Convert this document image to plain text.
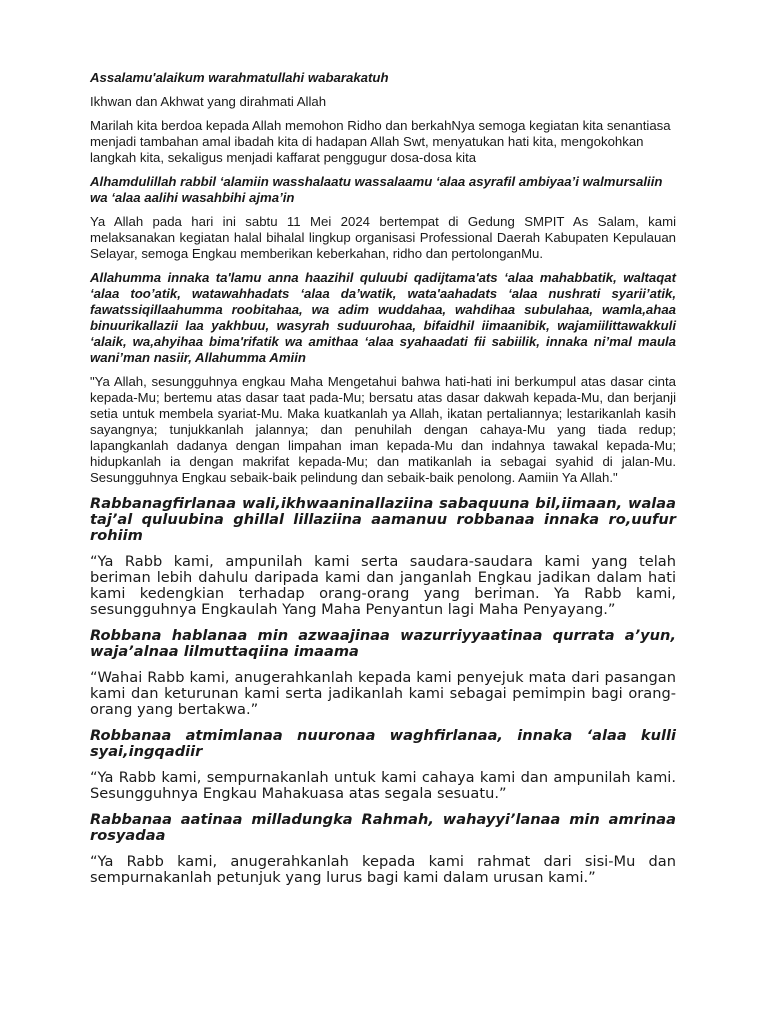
Assalamu'alaikum warahmatullahi wabarakatuh

Ikhwan dan Akhwat yang dirahmati Allah

Marilah kita berdoa kepada Allah memohon Ridho dan berkahNya semoga kegiatan kita senantiasa menjadi tambahan amal ibadah kita di hadapan Allah Swt, menyatukan hati kita, mengokohkan langkah kita, sekaligus menjadi kaffarat penggugur dosa-dosa kita

Alhamdulillah rabbil ‘alamiin wasshalaatu wassalaamu ‘alaa asyrafil ambiyaa’i walmursaliin wa ‘alaa aalihi wasahbihi ajma’in

Ya Allah pada hari ini sabtu 11 Mei 2024 bertempat di Gedung SMPIT As Salam, kami melaksanakan kegiatan halal bihalal lingkup organisasi Professional Daerah Kabupaten Kepulauan Selayar, semoga Engkau memberikan keberkahan, ridho dan pertolonganMu.

Allahumma innaka ta'lamu anna haazihil quluubi qadijtama'ats ‘alaa mahabbatik, waltaqat ‘alaa too’atik, watawahhadats ‘alaa da’watik, wata'aahadats ‘alaa nushrati syarii’atik, fawatssiqillaahumma roobitahaa, wa adim wuddahaa, wahdihaa subulahaa, wamla,ahaa binuurikallazii laa yakhbuu, wasyrah suduurohaa, bifaidhil iimaanibik, wajamiilittawakkuli ‘alaik, wa,ahyihaa bima'rifatik wa amithaa ‘alaa syahaadati fii sabiilik, innaka ni’mal maula wani’man nasiir, Allahumma Amiin

"Ya Allah, sesungguhnya engkau Maha Mengetahui bahwa hati-hati ini berkumpul atas dasar cinta kepada-Mu; bertemu atas dasar taat pada-Mu; bersatu atas dasar dakwah kepada-Mu, dan berjanji setia untuk membela syariat-Mu. Maka kuatkanlah ya Allah, ikatan pertaliannya; lestarikanlah kasih sayangnya; tunjukkanlah jalannya; dan penuhilah dengan cahaya-Mu yang tiada redup; lapangkanlah dadanya dengan limpahan iman kepada-Mu dan indahnya tawakal kepada-Mu; hidupkanlah ia dengan makrifat kepada-Mu; dan matikanlah ia sebagai syahid di jalan-Mu. Sesungguhnya Engkau sebaik-baik pelindung dan sebaik-baik penolong. Aamiin Ya Allah."

Rabbanagfirlanaa wali,ikhwaaninallaziina sabaquuna bil,iimaan, walaa taj’al quluubina ghillal lillaziina aamanuu robbanaa innaka ro,uufur rohiim

“Ya Rabb kami, ampunilah kami serta saudara-saudara kami yang telah beriman lebih dahulu daripada kami dan janganlah Engkau jadikan dalam hati kami kedengkian terhadap orang-orang yang beriman. Ya Rabb kami, sesungguhnya Engkaulah Yang Maha Penyantun lagi Maha Penyayang.”

Robbana hablanaa min azwaajinaa wazurriyyaatinaa qurrata a’yun, waja’alnaa lilmuttaqiina imaama

“Wahai Rabb kami, anugerahkanlah kepada kami penyejuk mata dari pasangan kami dan keturunan kami serta jadikanlah kami sebagai pemimpin bagi orang-orang yang bertakwa.”

Robbanaa atmimlanaa nuuronaa waghfirlanaa, innaka ‘alaa kulli syai,ingqadiir

“Ya Rabb kami, sempurnakanlah untuk kami cahaya kami dan ampunilah kami. Sesungguhnya Engkau Mahakuasa atas segala sesuatu.”

Rabbanaa aatinaa milladungka Rahmah, wahayyi’lanaa min amrinaa rosyadaa

“Ya Rabb kami, anugerahkanlah kepada kami rahmat dari sisi-Mu dan sempurnakanlah petunjuk yang lurus bagi kami dalam urusan kami.”
